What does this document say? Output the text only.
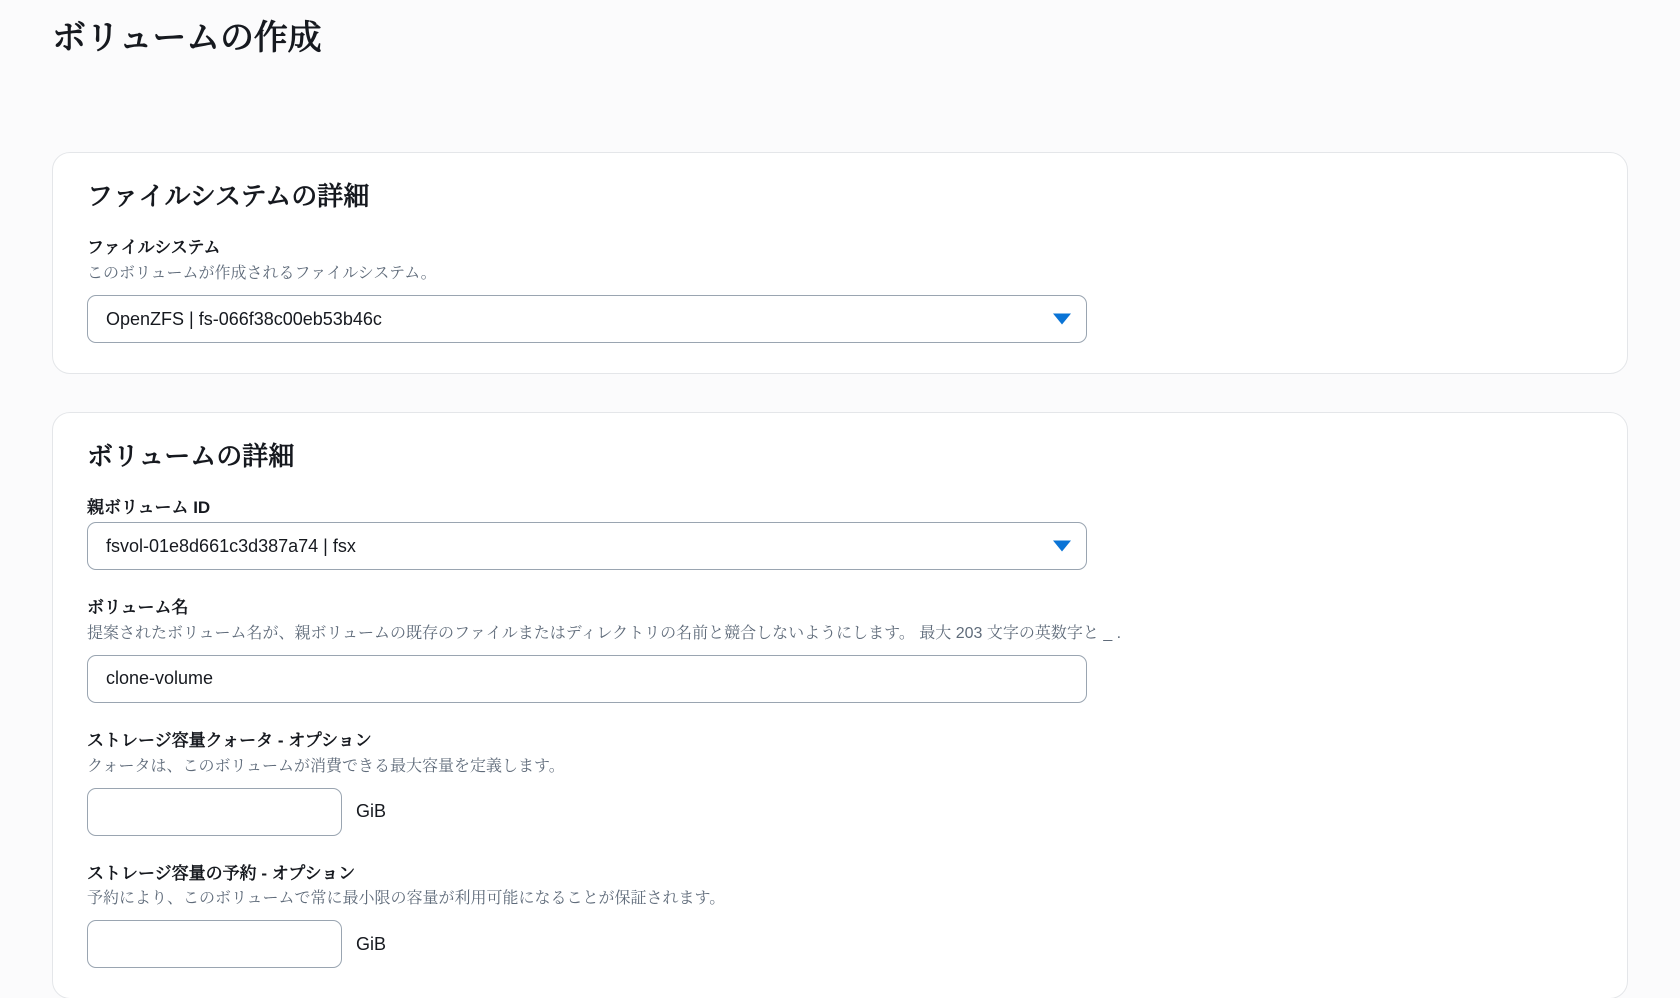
ボリュームの作成
ファイルシステムの詳細
ファイルシステム
このボリュームが作成されるファイルシステム。
OpenZFS | fs-066f38c00eb53b46c
ボリュームの詳細
親ボリューム ID
fsvol-01e8d661c3d387a74 | fsx
ボリューム名
提案されたボリューム名が、親ボリュームの既存のファイルまたはディレクトリの名前と競合しないようにします。 最大 203 文字の英数字と _ .
clone-volume
ストレージ容量クォータ - オプション
クォータは、このボリュームが消費できる最大容量を定義します。
GiB
ストレージ容量の予約 - オプション
予約により、このボリュームで常に最小限の容量が利用可能になることが保証されます。
GiB
